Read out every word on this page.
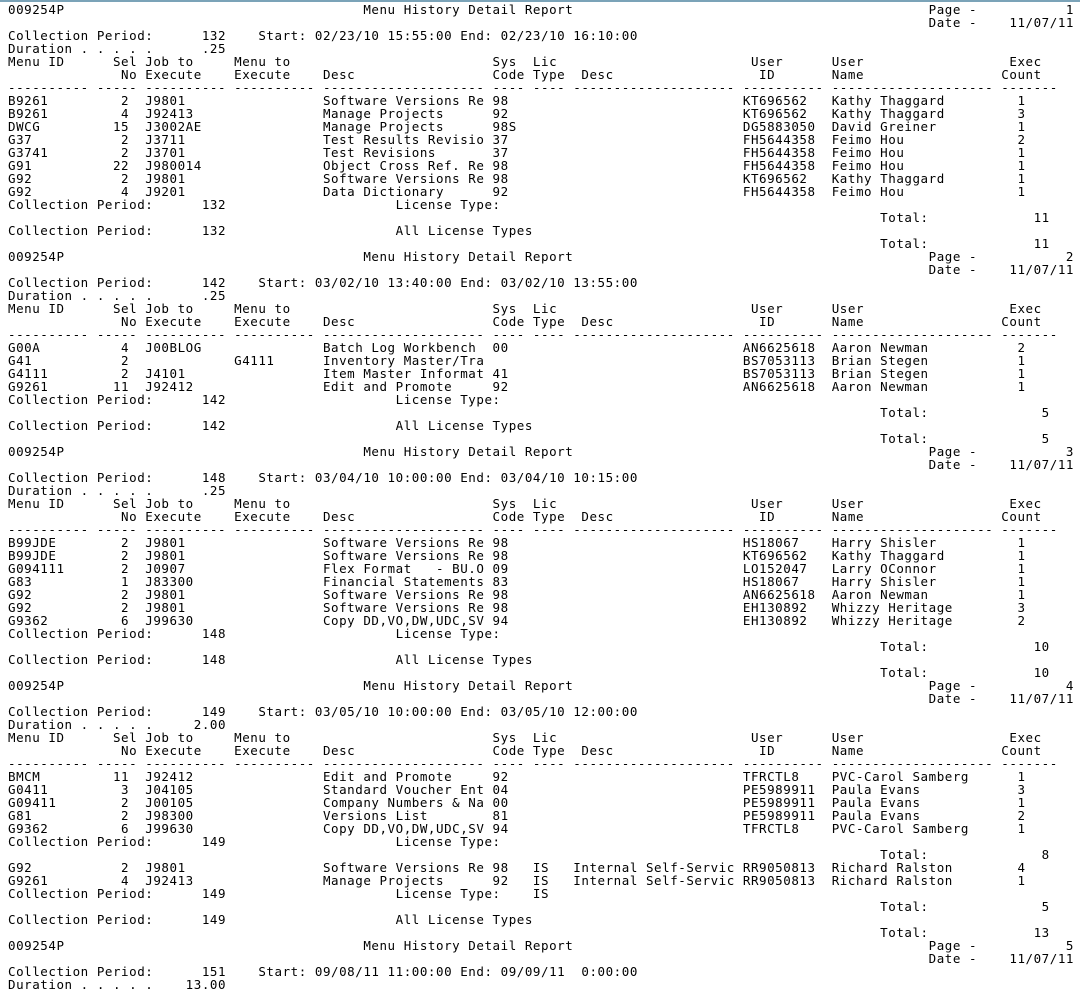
009254P                                     Menu History Detail Report                                            Page -           1
Date -    11/07/11
Collection Period:      132    Start: 02/23/10 15:55:00 End: 02/23/10 16:10:00
Duration . . . . .      .25
Menu ID      Sel Job to     Menu to                         Sys  Lic                        User      User                  Exec
No Execute    Execute    Desc                 Code Type  Desc                  ID       Name                 Count
---------- ----- ---------- ---------- -------------------- ---- ---- -------------------- ---------- -------------------- -------
B9261         2  J9801                 Software Versions Re 98                             KT696562   Kathy Thaggard         1
B9261         4  J92413                Manage Projects      92                             KT696562   Kathy Thaggard         3
DWCG         15  J3002AE               Manage Projects      98S                            DG5883050  David Greiner          1
G37           2  J3711                 Test Results Revisio 37                             FH5644358  Feimo Hou              2
G3741         2  J3701                 Test Revisions       37                             FH5644358  Feimo Hou              1
G91          22  J980014               Object Cross Ref. Re 98                             FH5644358  Feimo Hou              1
G92           2  J9801                 Software Versions Re 98                             KT696562   Kathy Thaggard         1
G92           4  J9201                 Data Dictionary      92                             FH5644358  Feimo Hou              1
Collection Period:      132                     License Type:
Total:             11
Collection Period:      132                     All License Types
Total:             11
009254P                                     Menu History Detail Report                                            Page -           2
Date -    11/07/11
Collection Period:      142    Start: 03/02/10 13:40:00 End: 03/02/10 13:55:00
Duration . . . . .      .25
Menu ID      Sel Job to     Menu to                         Sys  Lic                        User      User                  Exec
No Execute    Execute    Desc                 Code Type  Desc                  ID       Name                 Count
---------- ----- ---------- ---------- -------------------- ---- ---- -------------------- ---------- -------------------- -------
G00A          4  J00BLOG               Batch Log Workbench  00                             AN6625618  Aaron Newman           2
G41           2             G4111      Inventory Master/Tra                                BS7053113  Brian Stegen           1
G4111         2  J4101                 Item Master Informat 41                             BS7053113  Brian Stegen           1
G9261        11  J92412                Edit and Promote     92                             AN6625618  Aaron Newman           1
Collection Period:      142                     License Type:
Total:              5
Collection Period:      142                     All License Types
Total:              5
009254P                                     Menu History Detail Report                                            Page -           3
Date -    11/07/11
Collection Period:      148    Start: 03/04/10 10:00:00 End: 03/04/10 10:15:00
Duration . . . . .      .25
Menu ID      Sel Job to     Menu to                         Sys  Lic                        User      User                  Exec
No Execute    Execute    Desc                 Code Type  Desc                  ID       Name                 Count
---------- ----- ---------- ---------- -------------------- ---- ---- -------------------- ---------- -------------------- -------
B99JDE        2  J9801                 Software Versions Re 98                             HS18067    Harry Shisler          1
B99JDE        2  J9801                 Software Versions Re 98                             KT696562   Kathy Thaggard         1
G094111       2  J0907                 Flex Format   - BU.O 09                             LO152047   Larry OConnor          1
G83           1  J83300                Financial Statements 83                             HS18067    Harry Shisler          1
G92           2  J9801                 Software Versions Re 98                             AN6625618  Aaron Newman           1
G92           2  J9801                 Software Versions Re 98                             EH130892   Whizzy Heritage        3
G9362         6  J99630                Copy DD,VO,DW,UDC,SV 94                             EH130892   Whizzy Heritage        2
Collection Period:      148                     License Type:
Total:             10
Collection Period:      148                     All License Types
Total:             10
009254P                                     Menu History Detail Report                                            Page -           4
Date -    11/07/11
Collection Period:      149    Start: 03/05/10 10:00:00 End: 03/05/10 12:00:00
Duration . . . . .     2.00
Menu ID      Sel Job to     Menu to                         Sys  Lic                        User      User                  Exec
No Execute    Execute    Desc                 Code Type  Desc                  ID       Name                 Count
---------- ----- ---------- ---------- -------------------- ---- ---- -------------------- ---------- -------------------- -------
BMCM         11  J92412                Edit and Promote     92                             TFRCTL8    PVC-Carol Samberg      1
G0411         3  J04105                Standard Voucher Ent 04                             PE5989911  Paula Evans            3
G09411        2  J00105                Company Numbers & Na 00                             PE5989911  Paula Evans            1
G81           2  J98300                Versions List        81                             PE5989911  Paula Evans            2
G9362         6  J99630                Copy DD,VO,DW,UDC,SV 94                             TFRCTL8    PVC-Carol Samberg      1
Collection Period:      149                     License Type:
Total:              8
G92           2  J9801                 Software Versions Re 98   IS   Internal Self-Servic RR9050813  Richard Ralston        4
G9261         4  J92413                Manage Projects      92   IS   Internal Self-Servic RR9050813  Richard Ralston        1
Collection Period:      149                     License Type:    IS
Total:              5
Collection Period:      149                     All License Types
Total:             13
009254P                                     Menu History Detail Report                                            Page -           5
Date -    11/07/11
Collection Period:      151    Start: 09/08/11 11:00:00 End: 09/09/11  0:00:00
Duration . . . . .    13.00
